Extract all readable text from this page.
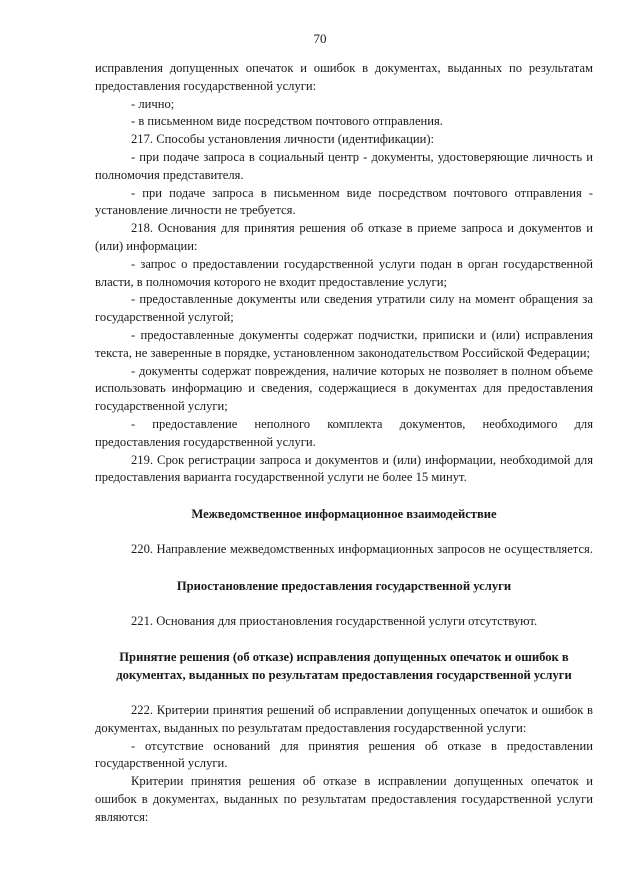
70

исправления допущенных опечаток и ошибок в документах, выданных по результатам предоставления государственной услуги:

- лично;

- в письменном виде посредством почтового отправления.

217. Способы установления личности (идентификации):

- при подаче запроса в социальный центр - документы, удостоверяющие личность и полномочия представителя.

- при подаче запроса в письменном виде посредством почтового отправления - установление личности не требуется.

218. Основания для принятия решения об отказе в приеме запроса и документов и (или) информации:

- запрос о предоставлении государственной услуги подан в орган государственной власти, в полномочия которого не входит предоставление услуги;

- предоставленные документы или сведения утратили силу на момент обращения за государственной услугой;

- предоставленные документы содержат подчистки, приписки и (или) исправления текста, не заверенные в порядке, установленном законодательством Российской Федерации;

- документы содержат повреждения, наличие которых не позволяет в полном объеме использовать информацию и сведения, содержащиеся в документах для предоставления государственной услуги;

- предоставление неполного комплекта документов, необходимого для предоставления государственной услуги.

219. Срок регистрации запроса и документов и (или) информации, необходимой для предоставления варианта государственной услуги не более 15 минут.

Межведомственное информационное взаимодействие

220. Направление межведомственных информационных запросов не осуществляется.

Приостановление предоставления государственной услуги

221. Основания для приостановления государственной услуги отсутствуют.

Принятие решения (об отказе) исправления допущенных опечаток и ошибок в документах, выданных по результатам предоставления государственной услуги

222. Критерии принятия решений об исправлении допущенных опечаток и ошибок в документах, выданных по результатам предоставления государственной услуги:

- отсутствие оснований для принятия решения об отказе в предоставлении государственной услуги.

Критерии принятия решения об отказе в исправлении допущенных опечаток и ошибок в документах, выданных по результатам предоставления государственной услуги являются:
